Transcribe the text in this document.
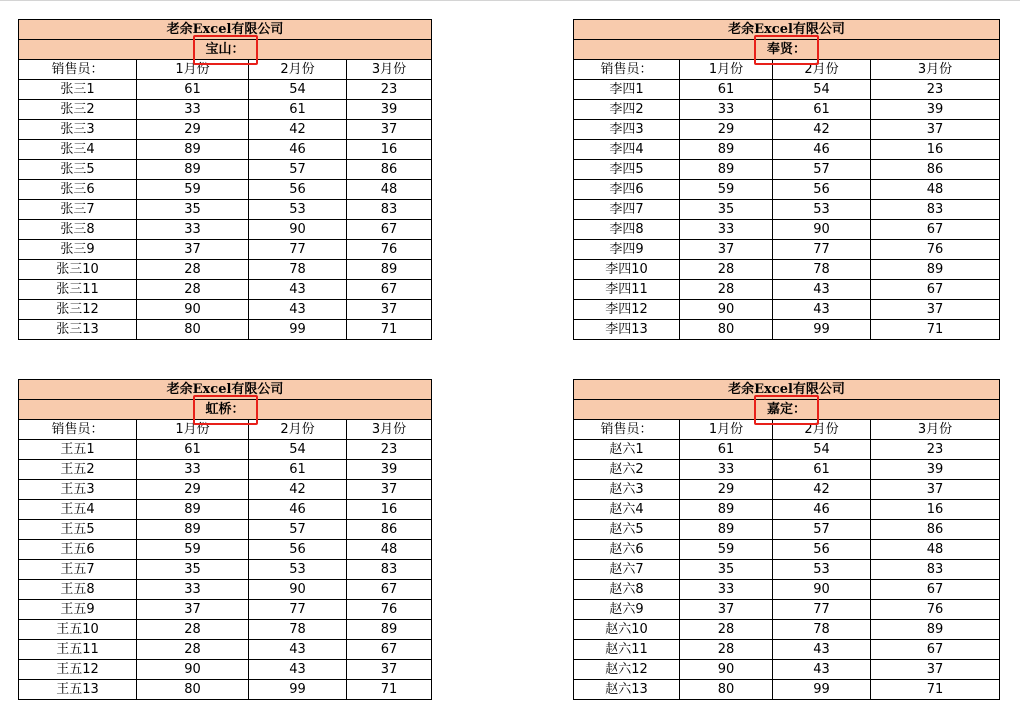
老余Excel有限公司			
宝山：			

销售员：	1月份	2月份	3月份
张三1	61	54	23
张三2	33	61	39
张三3	29	42	37
张三4	89	46	16
张三5	89	57	86
张三6	59	56	48
张三7	35	53	83
张三8	33	90	67
张三9	37	77	76
张三10	28	78	89
张三11	28	43	67
张三12	90	43	37
张三13	80	99	71
老余Excel有限公司			
奉贤：			

销售员：	1月份	2月份	3月份
李四1	61	54	23
李四2	33	61	39
李四3	29	42	37
李四4	89	46	16
李四5	89	57	86
李四6	59	56	48
李四7	35	53	83
李四8	33	90	67
李四9	37	77	76
李四10	28	78	89
李四11	28	43	67
李四12	90	43	37
李四13	80	99	71
老余Excel有限公司			
虹桥：			

销售员：	1月份	2月份	3月份
王五1	61	54	23
王五2	33	61	39
王五3	29	42	37
王五4	89	46	16
王五5	89	57	86
王五6	59	56	48
王五7	35	53	83
王五8	33	90	67
王五9	37	77	76
王五10	28	78	89
王五11	28	43	67
王五12	90	43	37
王五13	80	99	71
老余Excel有限公司			
嘉定：			

销售员：	1月份	2月份	3月份
赵六1	61	54	23
赵六2	33	61	39
赵六3	29	42	37
赵六4	89	46	16
赵六5	89	57	86
赵六6	59	56	48
赵六7	35	53	83
赵六8	33	90	67
赵六9	37	77	76
赵六10	28	78	89
赵六11	28	43	67
赵六12	90	43	37
赵六13	80	99	71
